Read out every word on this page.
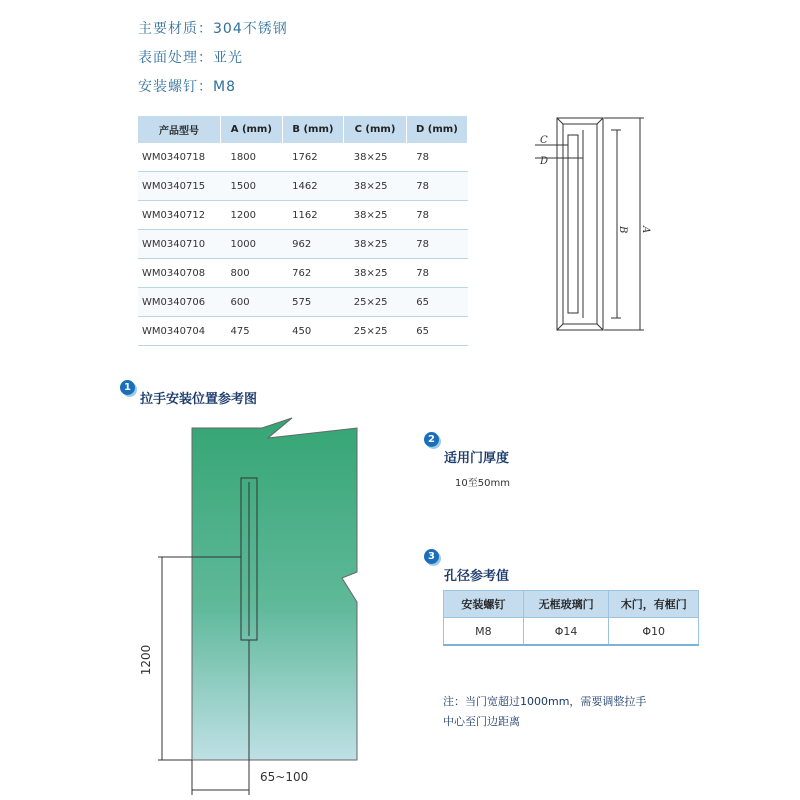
主要材质：304不锈钢
表面处理：亚光
安装螺钉：M8
产品型号	A (mm)	B (mm)	C (mm)	D (mm)
WM0340718	1800	1762	38×25	78
WM0340715	1500	1462	38×25	78
WM0340712	1200	1162	38×25	78
WM0340710	1000	962	38×25	78
WM0340708	800	762	38×25	78
WM0340706	600	575	25×25	65
WM0340704	475	450	25×25	65
C
D
B A
1
拉手安装位置参考图
1200
65~100
2
适用门厚度
10至50mm
3
孔径参考值
安装螺钉	无框玻璃门	木门，有框门
M8	Φ14	Φ10
注：当门宽超过1000mm，需要调整拉手
中心至门边距离
